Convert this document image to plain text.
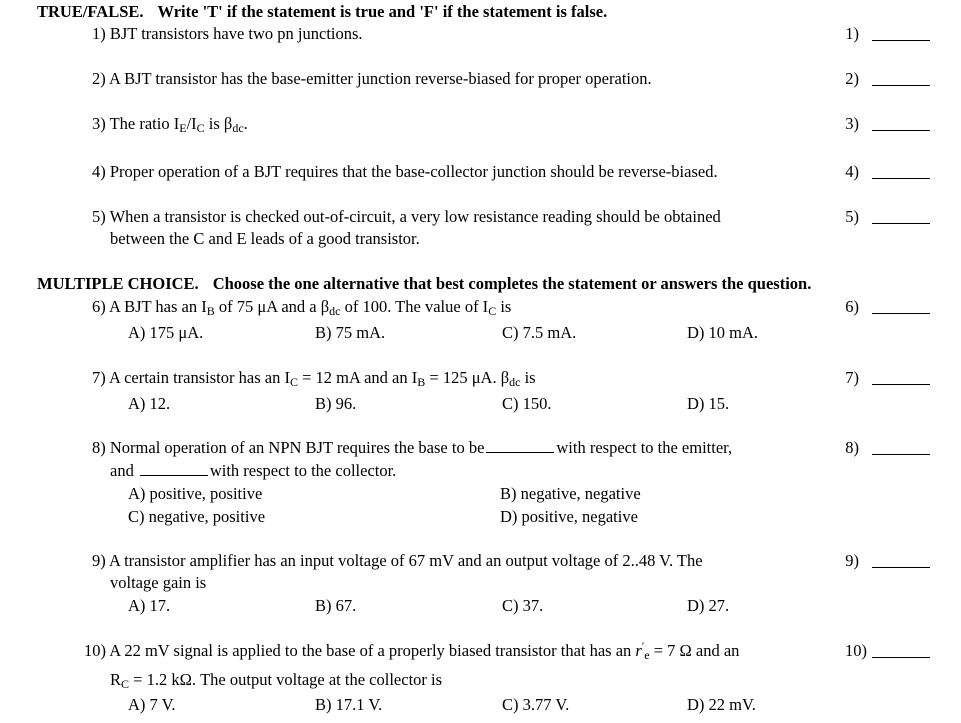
TRUE/FALSE. Write 'T' if the statement is true and 'F' if the statement is false.
1) BJT transistors have two pn junctions.	1)
2) A BJT transistor has the base-emitter junction reverse-biased for proper operation.	2)
3) The ratio $I_E/I_C$ is $\beta_{dc}$.	3)
4) Proper operation of a BJT requires that the base-collector junction should be reverse-biased.	4)
5) When a transistor is checked out-of-circuit, a very low resistance reading should be obtained
between the C and E leads of a good transistor.
5)
MULTIPLE CHOICE. Choose the one alternative that best completes the statement or answers the question.
6) A BJT has an $I_B$ of 75 μA and a $\beta_{dc}$ of 100. The value of $I_C$ is	6)
A) 175 μA.	B) 75 mA.	C) 7.5 mA.	D) 10 mA.
7) A certain transistor has an $I_C = 12$ mA and an $I_B = 125$ μA. $\beta_{dc}$ is	7)
A) 12.	B) 96.	C) 150.	D) 15.
8) Normal operation of an NPN BJT requires the base to be	with respect to the emitter,
and	with respect to the collector.
8)
A) positive, positive	B) negative, negative
C) negative, positive	D) positive, negative
9) A transistor amplifier has an input voltage of 67 mV and an output voltage of 2..48 V. The
voltage gain is
9)
A) 17.	B) 67.	C) 37.	D) 27.
10) A 22 mV signal is applied to the base of a properly biased transistor that has an $r'_e = 7$ Ω and an
$R_C = 1.2$ kΩ. The output voltage at the collector is
10)
A) 7 V.	B) 17.1 V.	C) 3.77 V.	D) 22 mV.
